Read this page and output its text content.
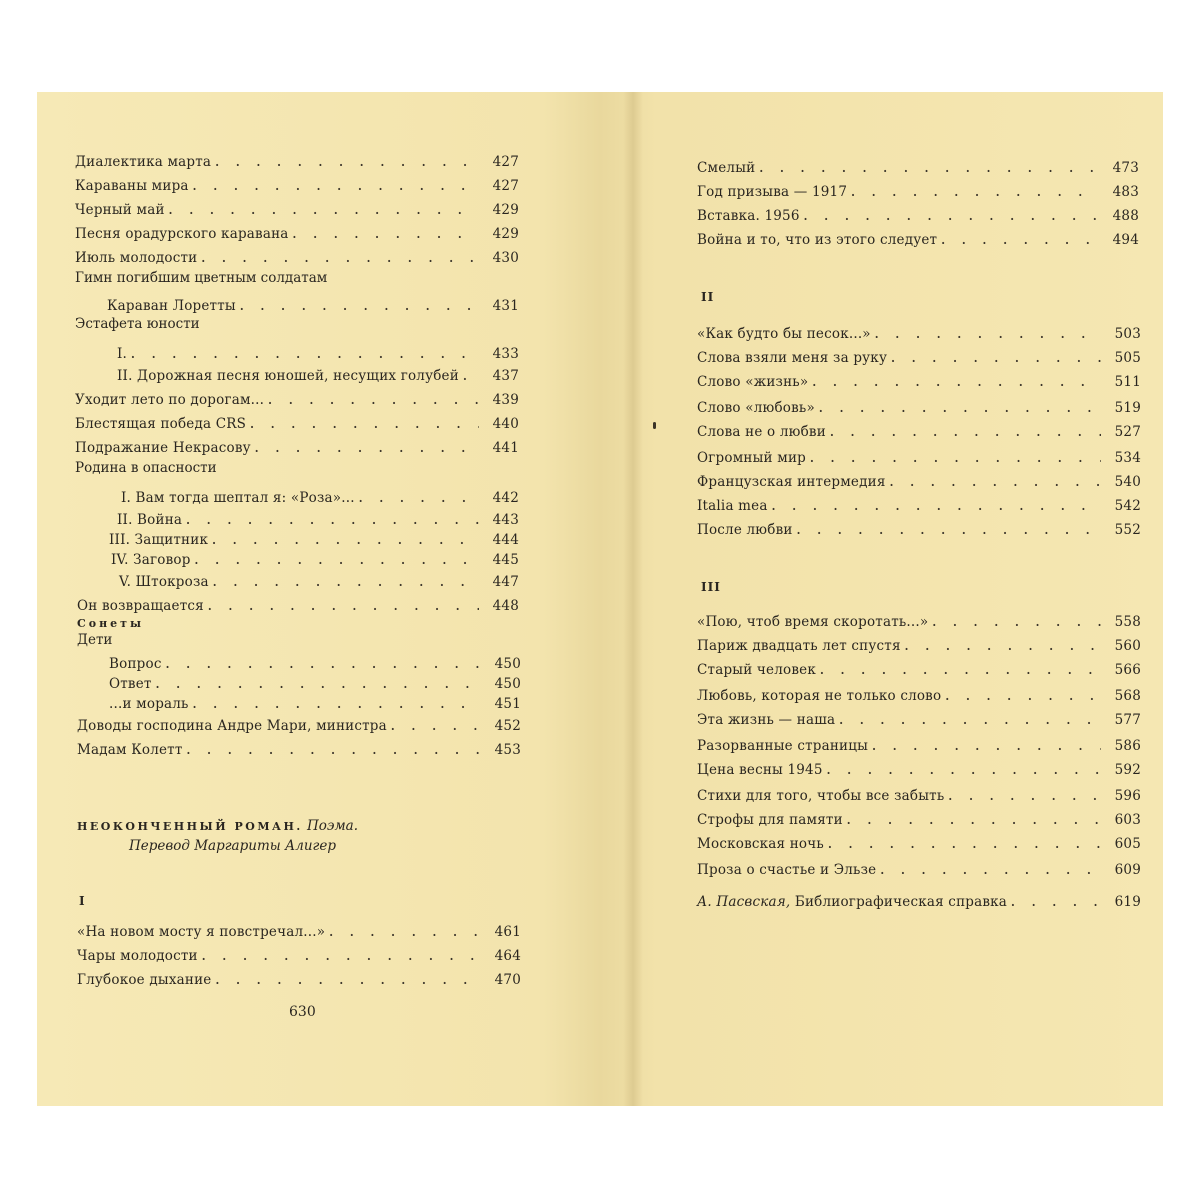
Диалектика марта . . .	427
Караваны мира . . .	427
Черный май . . .	429
Песня орадурского каравана . . .	429
Июль молодости . . .	430
Гимн погибшим цветным солдатам
Караван Лоретты . . .	431
Эстафета юности
I. . . .	433
II. Дорожная песня юношей, несущих голубей . . .	437
Уходит лето по дорогам... . . .	439
Блестящая победа CRS . . .	440
Подражание Некрасову . . .	441
Родина в опасности
I. Вам тогда шептал я: «Роза»... . . .	442
II. Война . . .	443
III. Защитник . . .	444
IV. Заговор . . .	445
V. Штокроза . . .	447
Он возвращается . . .	448
Сонеты
Дети
Вопрос . . .	450
Ответ . . .	450
...и мораль . . .	451
Доводы господина Андре Мари, министра . . .	452
Мадам Колетт . . .	453
НЕОКОНЧЕННЫЙ РОМАН. Поэма.
Перевод Маргариты Алигер
I
«На новом мосту я повстречал...» . . .	461
Чары молодости . . .	464
Глубокое дыхание . . .	470
630
Смелый . . .	473
Год призыва — 1917 . . .	483
Вставка. 1956 . . .	488
Война и то, что из этого следует . . .	494
II
«Как будто бы песок...» . . .	503
Слова взяли меня за руку . . .	505
Слово «жизнь» . . .	511
Слово «любовь» . . .	519
Слова не о любви . . .	527
Огромный мир . . .	534
Французская интермедия . . .	540
Italia mea . . .	542
После любви . . .	552
III
«Пою, чтоб время скоротать...» . . .	558
Париж двадцать лет спустя . . .	560
Старый человек . . .	566
Любовь, которая не только слово . . .	568
Эта жизнь — наша . . .	577
Разорванные страницы . . .	586
Цена весны 1945 . . .	592
Стихи для того, чтобы все забыть . . .	596
Строфы для памяти . . .	603
Московская ночь . . .	605
Проза о счастье и Эльзе . . .	609
А. Пасвская, Библиографическая справка . . .	619
